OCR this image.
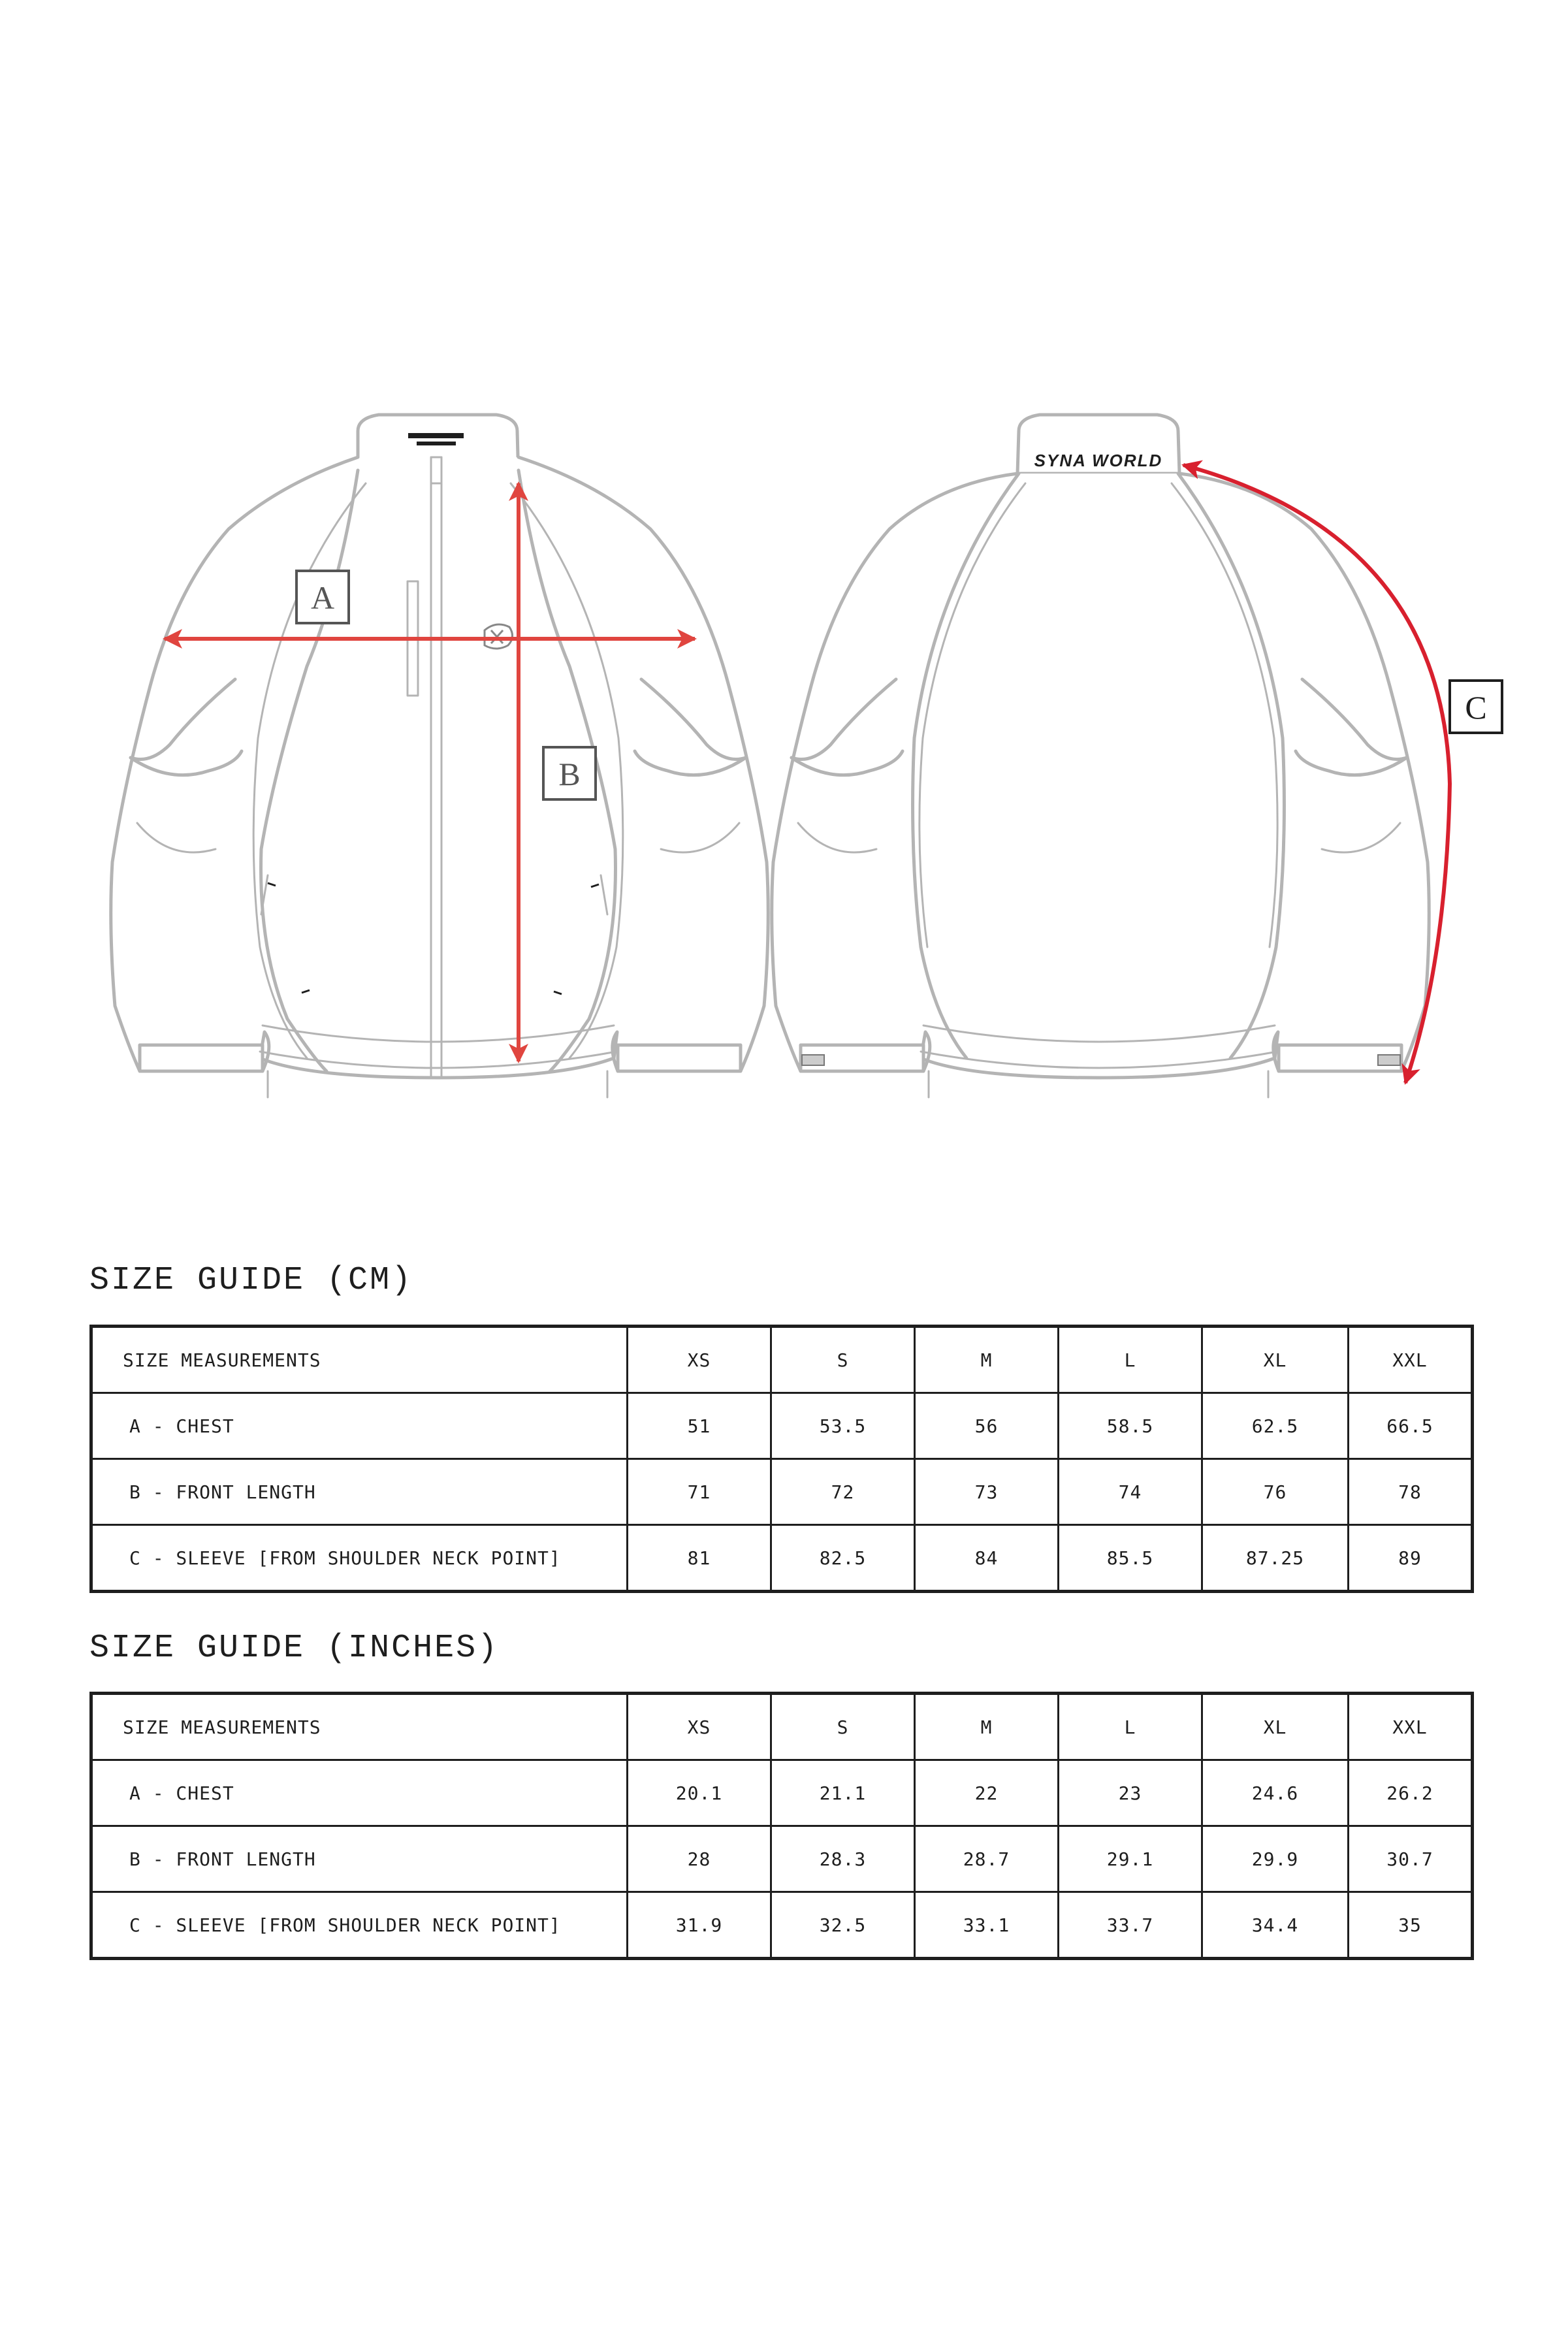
SYNA WORLD
A
B
C
SIZE GUIDE (CM)
SIZE MEASUREMENTS	XS	S	M	L	XL	XXL
A - CHEST	51	53.5	56	58.5	62.5	66.5
B - FRONT LENGTH	71	72	73	74	76	78
C - SLEEVE [FROM SHOULDER NECK POINT]	81	82.5	84	85.5	87.25	89
SIZE GUIDE (INCHES)
SIZE MEASUREMENTS	XS	S	M	L	XL	XXL
A - CHEST	20.1	21.1	22	23	24.6	26.2
B - FRONT LENGTH	28	28.3	28.7	29.1	29.9	30.7
C - SLEEVE [FROM SHOULDER NECK POINT]	31.9	32.5	33.1	33.7	34.4	35
